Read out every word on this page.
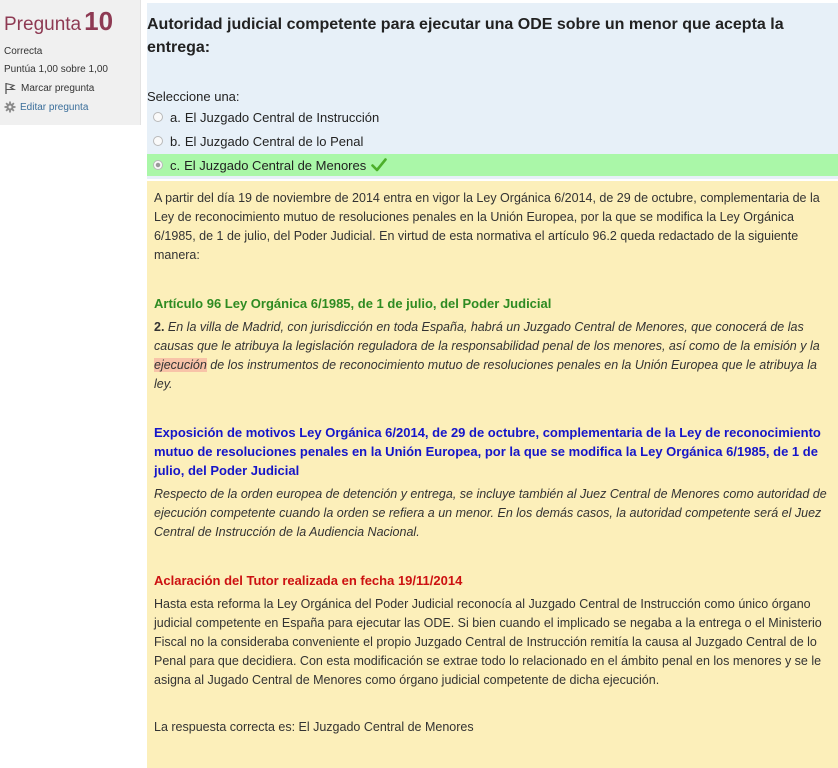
Pregunta 10
Correcta
Puntúa 1,00 sobre 1,00
Marcar pregunta
Editar pregunta
Autoridad judicial competente para ejecutar una ODE sobre un menor que acepta la entrega:
Seleccione una:
a. El Juzgado Central de Instrucción
b. El Juzgado Central de lo Penal
c. El Juzgado Central de Menores

A partir del día 19 de noviembre de 2014 entra en vigor la Ley Orgánica 6/2014, de 29 de octubre, complementaria de la Ley de reconocimiento mutuo de resoluciones penales en la Unión Europea, por la que se modifica la Ley Orgánica 6/1985, de 1 de julio, del Poder Judicial. En virtud de esta normativa el artículo 96.2 queda redactado de la siguiente manera:

Artículo 96 Ley Orgánica 6/1985, de 1 de julio, del Poder Judicial

2. En la villa de Madrid, con jurisdicción en toda España, habrá un Juzgado Central de Menores, que conocerá de las causas que le atribuya la legislación reguladora de la responsabilidad penal de los menores, así como de la emisión y la ejecución de los instrumentos de reconocimiento mutuo de resoluciones penales en la Unión Europea que le atribuya la ley.

Exposición de motivos Ley Orgánica 6/2014, de 29 de octubre, complementaria de la Ley de reconocimiento mutuo de resoluciones penales en la Unión Europea, por la que se modifica la Ley Orgánica 6/1985, de 1 de julio, del Poder Judicial

Respecto de la orden europea de detención y entrega, se incluye también al Juez Central de Menores como autoridad de ejecución competente cuando la orden se refiera a un menor. En los demás casos, la autoridad competente será el Juez Central de Instrucción de la Audiencia Nacional.

Aclaración del Tutor realizada en fecha 19/11/2014

Hasta esta reforma la Ley Orgánica del Poder Judicial reconocía al Juzgado Central de Instrucción como único órgano judicial competente en España para ejecutar las ODE. Si bien cuando el implicado se negaba a la entrega o el Ministerio Fiscal no la consideraba conveniente el propio Juzgado Central de Instrucción remitía la causa al Juzgado Central de lo Penal para que decidiera. Con esta modificación se extrae todo lo relacionado en el ámbito penal en los menores y se le asigna al Jugado Central de Menores como órgano judicial competente de dicha ejecución.

La respuesta correcta es: El Juzgado Central de Menores
